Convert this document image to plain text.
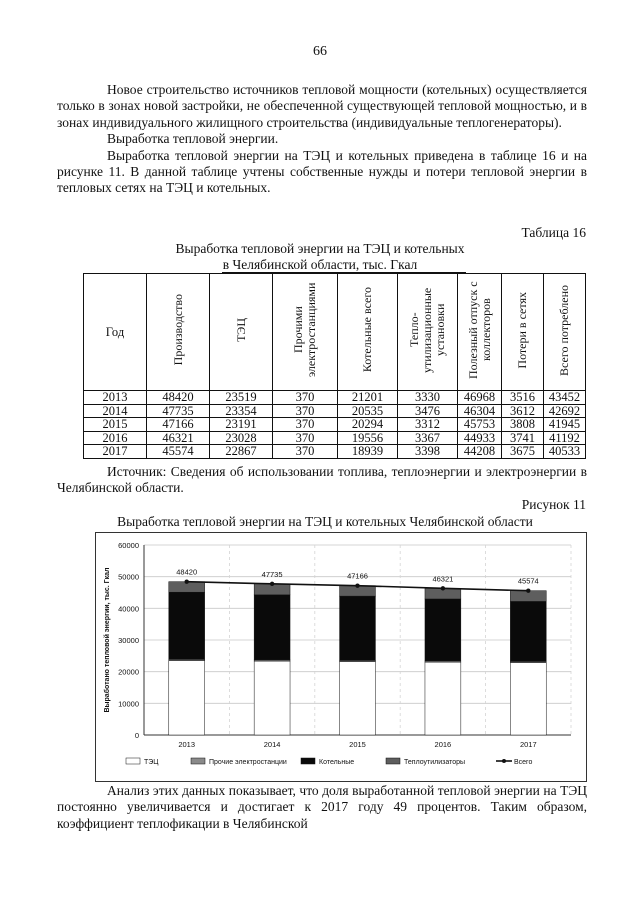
66

Новое строительство источников тепловой мощности (котельных) осуществляется только в зонах новой застройки, не обеспеченной существующей тепловой мощностью, и в зонах индивидуального жилищного строительства (индивидуальные теплогенераторы).

Выработка тепловой энергии.

Выработка тепловой энергии на ТЭЦ и котельных приведена в таблице 16 и на рисунке 11. В данной таблице учтены собственные нужды и потери тепловой энергии в тепловых сетях на ТЭЦ и котельных.

Таблица 16
Выработка тепловой энергии на ТЭЦ и котельных
в Челябинской области, тыс. Гкал
Год	Производство	ТЭЦ	Прочими электростанциями	Котельные всего	Тепло-утилизационные установки	Полезный отпуск с коллекторов	Потери в сетях	Всего потреблено
2013	48420	23519	370	21201	3330	46968	3516	43452
2014	47735	23354	370	20535	3476	46304	3612	42692
2015	47166	23191	370	20294	3312	45753	3808	41945
2016	46321	23028	370	19556	3367	44933	3741	41192
2017	45574	22867	370	18939	3398	44208	3675	40533

Источник: Сведения об использовании топлива, теплоэнергии и электроэнергии в Челябинской области.

Рисунок 11
Выработка тепловой энергии на ТЭЦ и котельных Челябинской области
0
10000
20000
30000
40000
50000
60000
Выработано тепловой энергии, тыс. Гкал
2013	2014	2015	2016	2017
48420	47735	47166	46321	45574
ТЭЦ	Прочие электростанции	Котельные	Теплоутилизаторы	Всего

Анализ этих данных показывает, что доля выработанной тепловой энергии на ТЭЦ постоянно увеличивается и достигает к 2017 году 49 процентов. Таким образом, коэффициент теплофикации в Челябинской
